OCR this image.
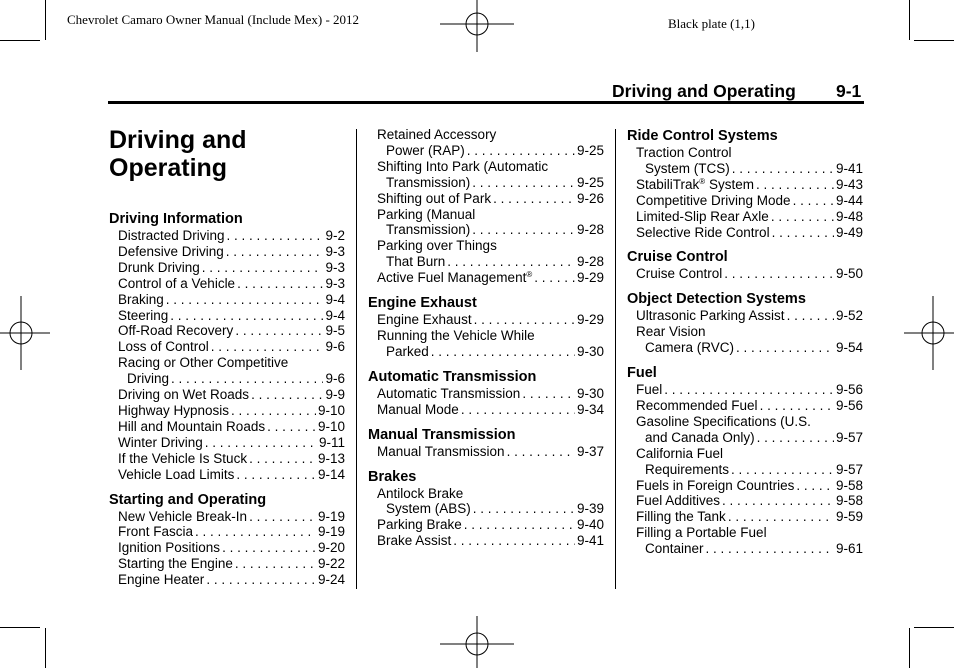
Chevrolet Camaro Owner Manual (Include Mex) - 2012	Black plate (1,1)
Driving and Operating 9-1
Driving and
Operating
Driving Information
Distracted Driving . . .	9-2
Defensive Driving . . .	9-3
Drunk Driving . . .	9-3
Control of a Vehicle . . .	9-3
Braking . . .	9-4
Steering . . .	9-4
Off-Road Recovery . . .	9-5
Loss of Control . . .	9-6
Racing or Other Competitive
Driving . . .	9-6
Driving on Wet Roads . . .	9-9
Highway Hypnosis . . .	9-10
Hill and Mountain Roads . . .	9-10
Winter Driving . . .	9-11
If the Vehicle Is Stuck . . .	9-13
Vehicle Load Limits . . .	9-14
Starting and Operating
New Vehicle Break-In . . .	9-19
Front Fascia . . .	9-19
Ignition Positions . . .	9-20
Starting the Engine . . .	9-22
Engine Heater . . .	9-24
Retained Accessory
Power (RAP) . . .	9-25
Shifting Into Park (Automatic
Transmission) . . .	9-25
Shifting out of Park . . .	9-26
Parking (Manual
Transmission) . . .	9-28
Parking over Things
That Burn . . .	9-28
Active Fuel Management® . . .	9-29
Engine Exhaust
Engine Exhaust . . .	9-29
Running the Vehicle While
Parked . . .	9-30
Automatic Transmission
Automatic Transmission . . .	9-30
Manual Mode . . .	9-34
Manual Transmission
Manual Transmission . . .	9-37
Brakes
Antilock Brake
System (ABS) . . .	9-39
Parking Brake . . .	9-40
Brake Assist . . .	9-41
Ride Control Systems
Traction Control
System (TCS) . . .	9-41
StabiliTrak® System . . .	9-43
Competitive Driving Mode . . .	9-44
Limited-Slip Rear Axle . . .	9-48
Selective Ride Control . . .	9-49
Cruise Control
Cruise Control . . .	9-50
Object Detection Systems
Ultrasonic Parking Assist . . .	9-52
Rear Vision
Camera (RVC) . . .	9-54
Fuel
Fuel . . .	9-56
Recommended Fuel . . .	9-56
Gasoline Specifications (U.S.
and Canada Only) . . .	9-57
California Fuel
Requirements . . .	9-57
Fuels in Foreign Countries . . .	9-58
Fuel Additives . . .	9-58
Filling the Tank . . .	9-59
Filling a Portable Fuel
Container . . .	9-61
